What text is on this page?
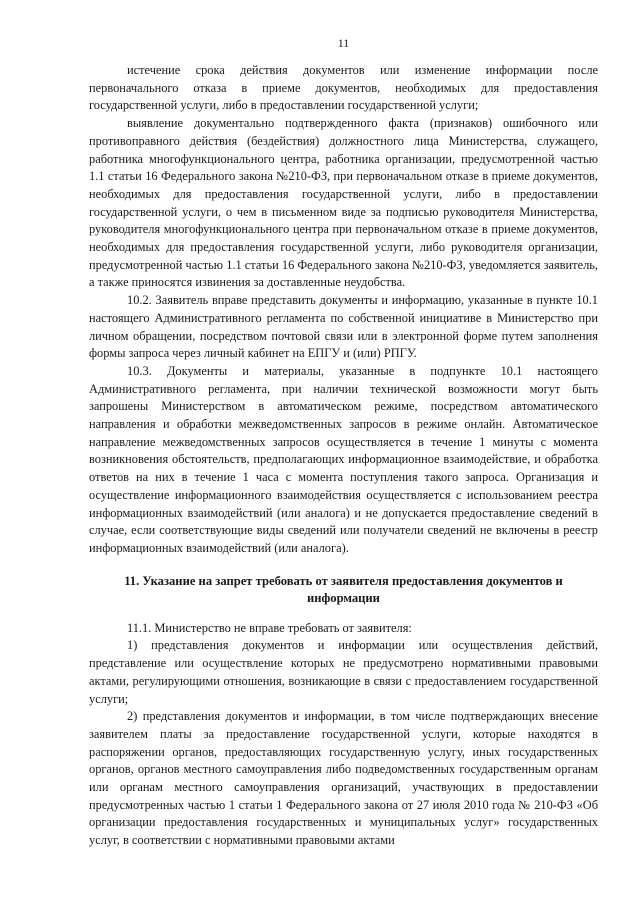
11

истечение срока действия документов или изменение информации после первоначального отказа в приеме документов, необходимых для предоставления государственной услуги, либо в предоставлении государственной услуги;

выявление документально подтвержденного факта (признаков) ошибочного или противоправного действия (бездействия) должностного лица Министерства, служащего, работника многофункционального центра, работника организации, предусмотренной частью 1.1 статьи 16 Федерального закона №210-ФЗ, при первоначальном отказе в приеме документов, необходимых для предоставления государственной услуги, либо в предоставлении государственной услуги, о чем в письменном виде за подписью руководителя Министерства, руководителя многофункционального центра при первоначальном отказе в приеме документов, необходимых для предоставления государственной услуги, либо руководителя организации, предусмотренной частью 1.1 статьи 16 Федерального закона №210-ФЗ, уведомляется заявитель, а также приносятся извинения за доставленные неудобства.

10.2. Заявитель вправе представить документы и информацию, указанные в пункте 10.1 настоящего Административного регламента по собственной инициативе в Министерство при личном обращении, посредством почтовой связи или в электронной форме путем заполнения формы запроса через личный кабинет на ЕПГУ и (или) РПГУ.

10.3. Документы и материалы, указанные в подпункте 10.1 настоящего Административного регламента, при наличии технической возможности могут быть запрошены Министерством в автоматическом режиме, посредством автоматического направления и обработки межведомственных запросов в режиме онлайн. Автоматическое направление межведомственных запросов осуществляется в течение 1 минуты с момента возникновения обстоятельств, предполагающих информационное взаимодействие, и обработка ответов на них в течение 1 часа с момента поступления такого запроса. Организация и осуществление информационного взаимодействия осуществляется с использованием реестра информационных взаимодействий (или аналога) и не допускается предоставление сведений в случае, если соответствующие виды сведений или получатели сведений не включены в реестр информационных взаимодействий (или аналога).

11. Указание на запрет требовать от заявителя предоставления документов и информации

11.1. Министерство не вправе требовать от заявителя:

1) представления документов и информации или осуществления действий, представление или осуществление которых не предусмотрено нормативными правовыми актами, регулирующими отношения, возникающие в связи с предоставлением государственной услуги;

2) представления документов и информации, в том числе подтверждающих внесение заявителем платы за предоставление государственной услуги, которые находятся в распоряжении органов, предоставляющих государственную услугу, иных государственных органов, органов местного самоуправления либо подведомственных государственным органам или органам местного самоуправления организаций, участвующих в предоставлении предусмотренных частью 1 статьи 1 Федерального закона от 27 июля 2010 года № 210-ФЗ «Об организации предоставления государственных и муниципальных услуг» государственных услуг, в соответствии с нормативными правовыми актами
